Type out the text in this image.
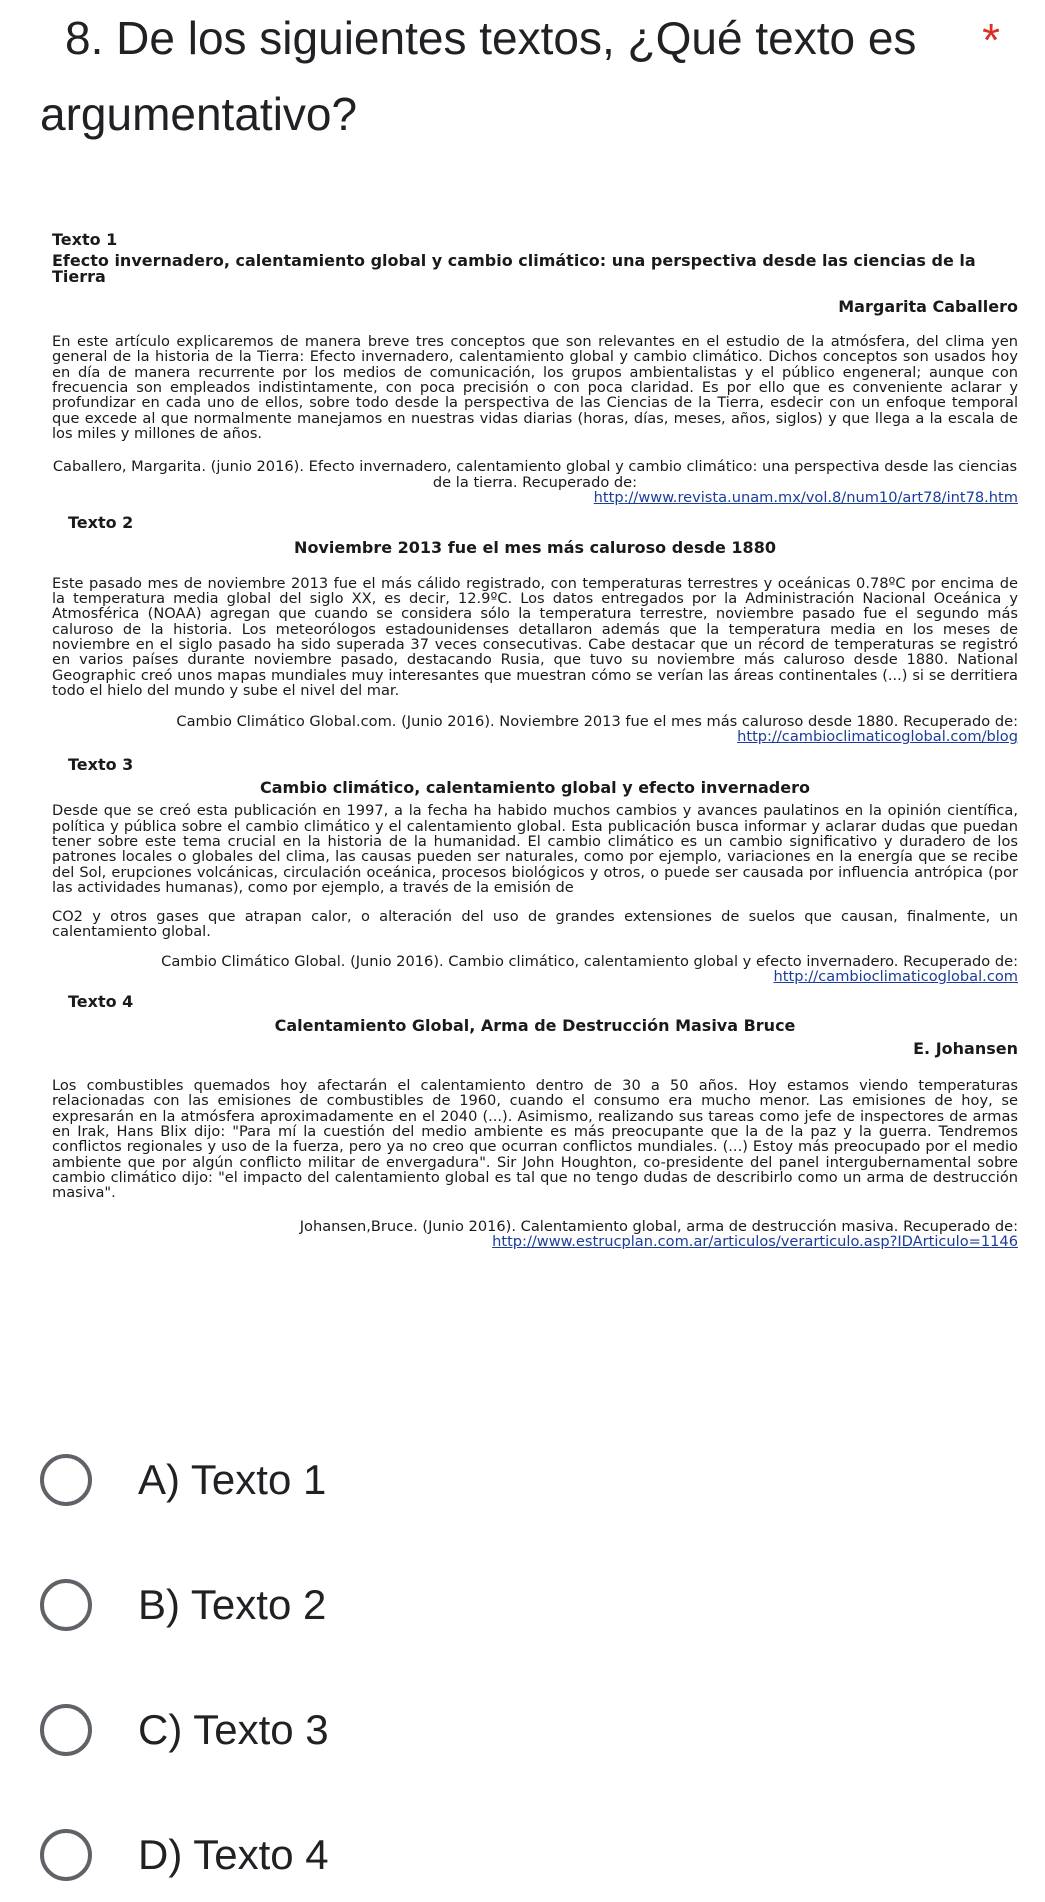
8. De los siguientes textos, ¿Qué texto es
argumentativo?
*

Texto 1

Efecto invernadero, calentamiento global y cambio climático: una perspectiva desde las ciencias de la Tierra

Margarita Caballero

En este artículo explicaremos de manera breve tres conceptos que son relevantes en el estudio de la atmósfera, del clima yen general de la historia de la Tierra: Efecto invernadero, calentamiento global y cambio climático. Dichos conceptos son usados hoy en día de manera recurrente por los medios de comunicación, los grupos ambientalistas y el público engeneral; aunque con frecuencia son empleados indistintamente, con poca precisión o con poca claridad. Es por ello que es conveniente aclarar y profundizar en cada uno de ellos, sobre todo desde la perspectiva de las Ciencias de la Tierra, esdecir con un enfoque temporal que excede al que normalmente manejamos en nuestras vidas diarias (horas, días, meses, años, siglos) y que llega a la escala de los miles y millones de años.

Caballero, Margarita. (junio 2016). Efecto invernadero, calentamiento global y cambio climático: una perspectiva desde las ciencias de la tierra. Recuperado de:

http://www.revista.unam.mx/vol.8/num10/art78/int78.htm

Texto 2

Noviembre 2013 fue el mes más caluroso desde 1880

Este pasado mes de noviembre 2013 fue el más cálido registrado, con temperaturas terrestres y oceánicas 0.78ºC por encima de la temperatura media global del siglo XX, es decir, 12.9ºC. Los datos entregados por la Administración Nacional Oceánica y Atmosférica (NOAA) agregan que cuando se considera sólo la temperatura terrestre, noviembre pasado fue el segundo más caluroso de la historia. Los meteorólogos estadounidenses detallaron además que la temperatura media en los meses de noviembre en el siglo pasado ha sido superada 37 veces consecutivas. Cabe destacar que un récord de temperaturas se registró en varios países durante noviembre pasado, destacando Rusia, que tuvo su noviembre más caluroso desde 1880. National Geographic creó unos mapas mundiales muy interesantes que muestran cómo se verían las áreas continentales (...) si se derritiera todo el hielo del mundo y sube el nivel del mar.

Cambio Climático Global.com. (Junio 2016). Noviembre 2013 fue el mes más caluroso desde 1880. Recuperado de:

http://cambioclimaticoglobal.com/blog

Texto 3

Cambio climático, calentamiento global y efecto invernadero

Desde que se creó esta publicación en 1997, a la fecha ha habido muchos cambios y avances paulatinos en la opinión científica, política y pública sobre el cambio climático y el calentamiento global. Esta publicación busca informar y aclarar dudas que puedan tener sobre este tema crucial en la historia de la humanidad. El cambio climático es un cambio significativo y duradero de los patrones locales o globales del clima, las causas pueden ser naturales, como por ejemplo, variaciones en la energía que se recibe del Sol, erupciones volcánicas, circulación oceánica, procesos biológicos y otros, o puede ser causada por influencia antrópica (por las actividades humanas), como por ejemplo, a través de la emisión de

CO2 y otros gases que atrapan calor, o alteración del uso de grandes extensiones de suelos que causan, finalmente, un calentamiento global.

Cambio Climático Global. (Junio 2016). Cambio climático, calentamiento global y efecto invernadero. Recuperado de:

http://cambioclimaticoglobal.com

Texto 4

Calentamiento Global, Arma de Destrucción Masiva Bruce

E. Johansen

Los combustibles quemados hoy afectarán el calentamiento dentro de 30 a 50 años. Hoy estamos viendo temperaturas relacionadas con las emisiones de combustibles de 1960, cuando el consumo era mucho menor. Las emisiones de hoy, se expresarán en la atmósfera aproximadamente en el 2040 (...). Asimismo, realizando sus tareas como jefe de inspectores de armas en Irak, Hans Blix dijo: "Para mí la cuestión del medio ambiente es más preocupante que la de la paz y la guerra. Tendremos conflictos regionales y uso de la fuerza, pero ya no creo que ocurran conflictos mundiales. (...) Estoy más preocupado por el medio ambiente que por algún conflicto militar de envergadura". Sir John Houghton, co-presidente del panel intergubernamental sobre cambio climático dijo: "el impacto del calentamiento global es tal que no tengo dudas de describirlo como un arma de destrucción masiva".

Johansen,Bruce. (Junio 2016). Calentamiento global, arma de destrucción masiva. Recuperado de:

http://www.estrucplan.com.ar/articulos/verarticulo.asp?IDArticulo=1146

A) Texto 1
B) Texto 2
C) Texto 3
D) Texto 4
